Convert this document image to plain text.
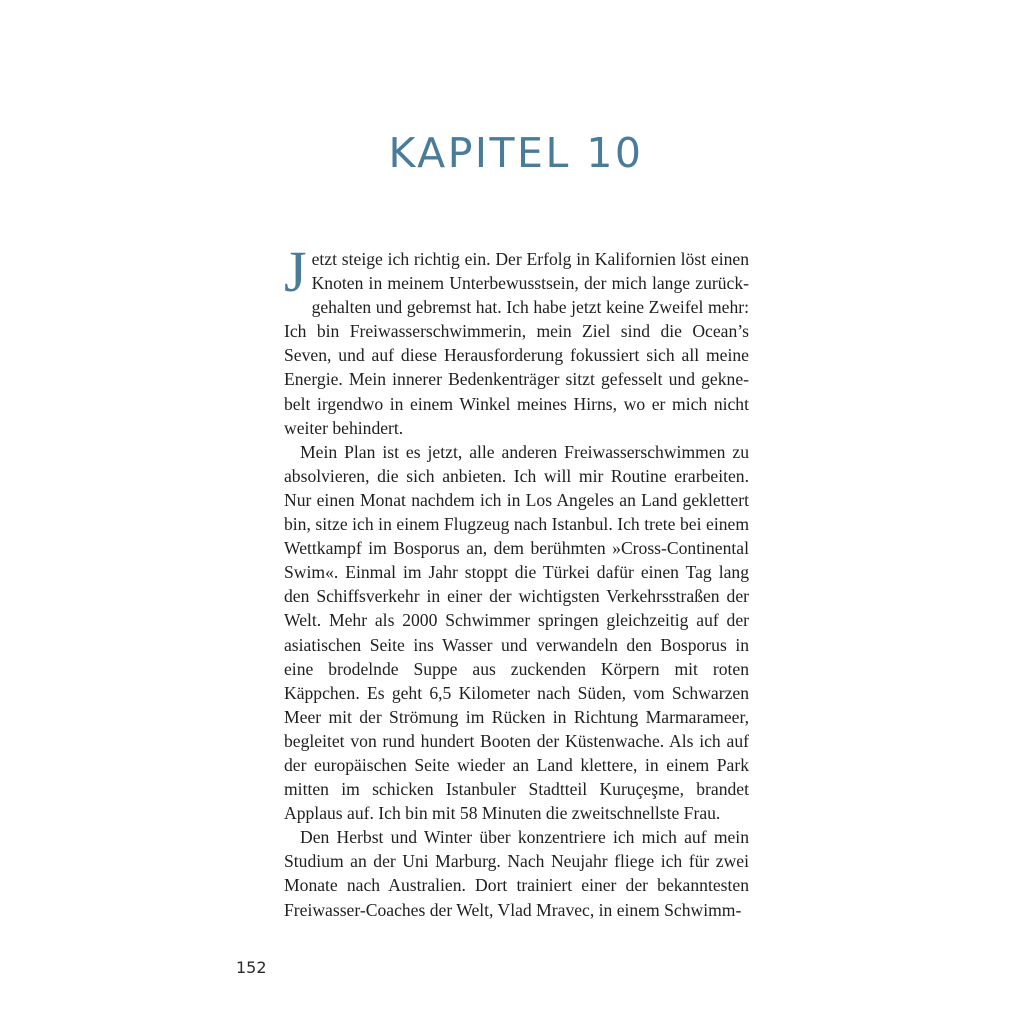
KAPITEL 10

Jetzt steige ich richtig ein. Der Erfolg in Kalifornien löst einen Knoten in meinem Unterbewusstsein, der mich lange zurückgehalten und gebremst hat. Ich habe jetzt keine Zweifel mehr: Ich bin Freiwasserschwimmerin, mein Ziel sind die Ocean’s Seven, und auf diese Herausforderung fokussiert sich all meine Energie. Mein innerer Bedenkenträger sitzt gefesselt und geknebelt irgendwo in einem Winkel meines Hirns, wo er mich nicht weiter behindert.

Mein Plan ist es jetzt, alle anderen Freiwasserschwimmen zu absolvieren, die sich anbieten. Ich will mir Routine erarbeiten. Nur einen Monat nachdem ich in Los Angeles an Land geklettert bin, sitze ich in einem Flugzeug nach Istanbul. Ich trete bei einem Wettkampf im Bosporus an, dem berühmten »Cross-Continental Swim«. Einmal im Jahr stoppt die Türkei dafür einen Tag lang den Schiffsverkehr in einer der wichtigsten Verkehrsstraßen der Welt. Mehr als 2000 Schwimmer springen gleichzeitig auf der asiatischen Seite ins Wasser und verwandeln den Bosporus in eine brodelnde Suppe aus zuckenden Körpern mit roten Käppchen. Es geht 6,5 Kilometer nach Süden, vom Schwarzen Meer mit der Strömung im Rücken in Richtung Marmarameer, begleitet von rund hundert Booten der Küstenwache. Als ich auf der europäischen Seite wieder an Land klettere, in einem Park mitten im schicken Istanbuler Stadtteil Kuruçeşme, brandet Applaus auf. Ich bin mit 58 Minuten die zweitschnellste Frau.

Den Herbst und Winter über konzentriere ich mich auf mein Studium an der Uni Marburg. Nach Neujahr fliege ich für zwei Monate nach Australien. Dort trainiert einer der bekanntesten Freiwasser-Coaches der Welt, Vlad Mravec, in einem Schwimm-

152
